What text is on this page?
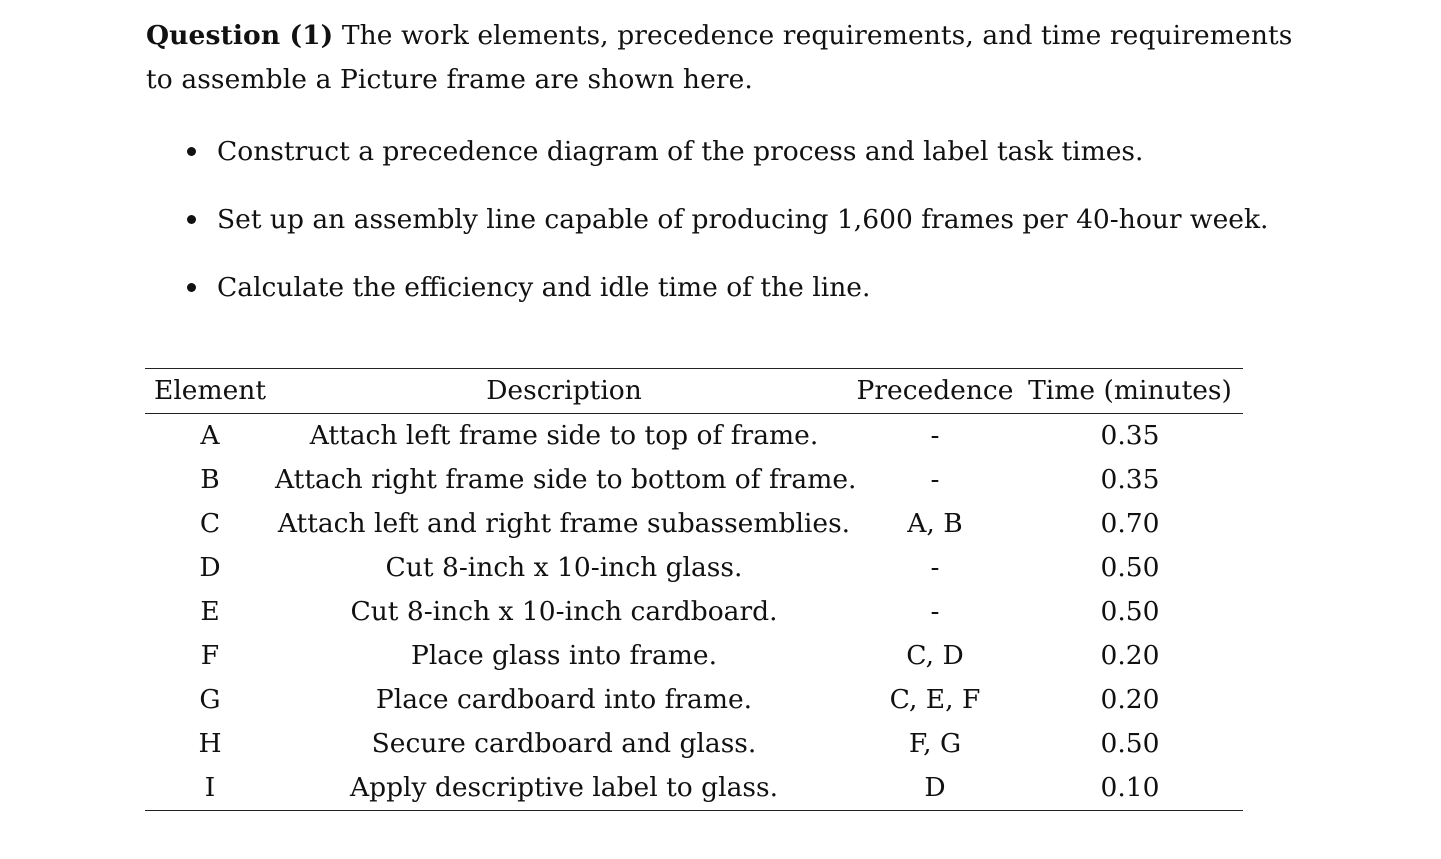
Question (1) The work elements, precedence requirements, and time requirements to assemble a Picture frame are shown here.
Construct a precedence diagram of the process and label task times.
Set up an assembly line capable of producing 1,600 frames per 40-hour week.
Calculate the efficiency and idle time of the line.
Element	Description	Precedence	Time (minutes)
A	Attach left frame side to top of frame.	-	0.35
B	Attach right frame side to bottom of frame.	-	0.35
C	Attach left and right frame subassemblies.	A, B	0.70
D	Cut 8-inch x 10-inch glass.	-	0.50
E	Cut 8-inch x 10-inch cardboard.	-	0.50
F	Place glass into frame.	C, D	0.20
G	Place cardboard into frame.	C, E, F	0.20
H	Secure cardboard and glass.	F, G	0.50
I	Apply descriptive label to glass.	D	0.10
